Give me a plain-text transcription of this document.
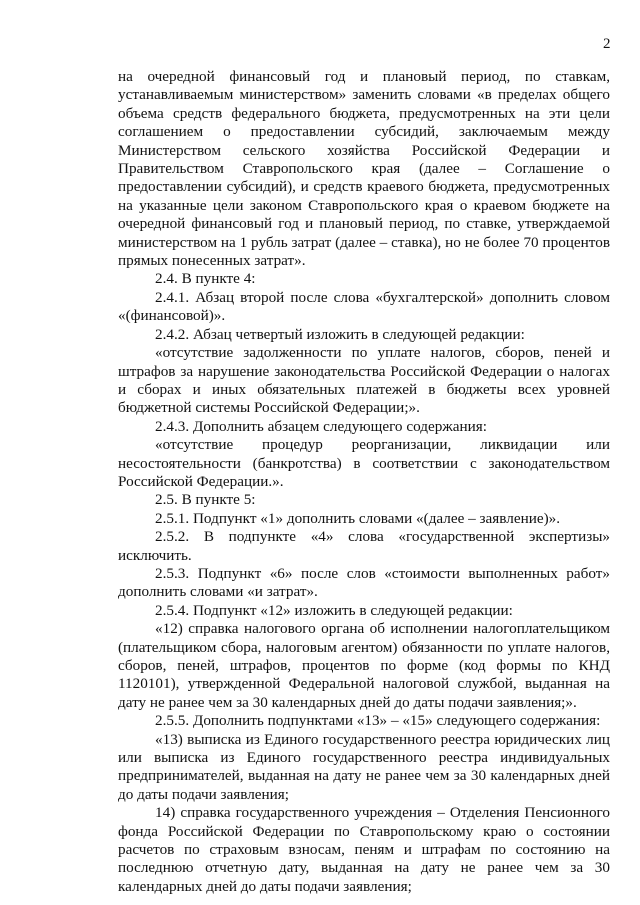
2

на очередной финансовый год и плановый период, по ставкам, устанавливаемым министерством» заменить словами «в пределах общего объема средств федерального бюджета, предусмотренных на эти цели соглашением о предоставлении субсидий, заключаемым между Министерством сельского хозяйства Российской Федерации и Правительством Ставропольского края (далее – Соглашение о предоставлении субсидий), и средств краевого бюджета, предусмотренных на указанные цели законом Ставропольского края о краевом бюджете на очередной финансовый год и плановый период, по ставке, утверждаемой министерством на 1 рубль затрат (далее – ставка), но не более 70 процентов прямых понесенных затрат».

2.4. В пункте 4:

2.4.1. Абзац второй после слова «бухгалтерской» дополнить словом «(финансовой)».

2.4.2. Абзац четвертый изложить в следующей редакции:

«отсутствие задолженности по уплате налогов, сборов, пеней и штрафов за нарушение законодательства Российской Федерации о налогах и сборах и иных обязательных платежей в бюджеты всех уровней бюджетной системы Российской Федерации;».

2.4.3. Дополнить абзацем следующего содержания:

«отсутствие процедур реорганизации, ликвидации или несостоятельности (банкротства) в соответствии с законодательством Российской Федерации.».

2.5. В пункте 5:

2.5.1. Подпункт «1» дополнить словами «(далее – заявление)».

2.5.2. В подпункте «4» слова «государственной экспертизы» исключить.

2.5.3. Подпункт «6» после слов «стоимости выполненных работ» дополнить словами «и затрат».

2.5.4. Подпункт «12» изложить в следующей редакции:

«12) справка налогового органа об исполнении налогоплательщиком (плательщиком сбора, налоговым агентом) обязанности по уплате налогов, сборов, пеней, штрафов, процентов по форме (код формы по КНД 1120101), утвержденной Федеральной налоговой службой, выданная на дату не ранее чем за 30 календарных дней до даты подачи заявления;».

2.5.5. Дополнить подпунктами «13» – «15» следующего содержания:

«13) выписка из Единого государственного реестра юридических лиц или выписка из Единого государственного реестра индивидуальных предпринимателей, выданная на дату не ранее чем за 30 календарных дней до даты подачи заявления;

14) справка государственного учреждения – Отделения Пенсионного фонда Российской Федерации по Ставропольскому краю о состоянии расчетов по страховым взносам, пеням и штрафам по состоянию на последнюю отчетную дату, выданная на дату не ранее чем за 30 календарных дней до даты подачи заявления;
